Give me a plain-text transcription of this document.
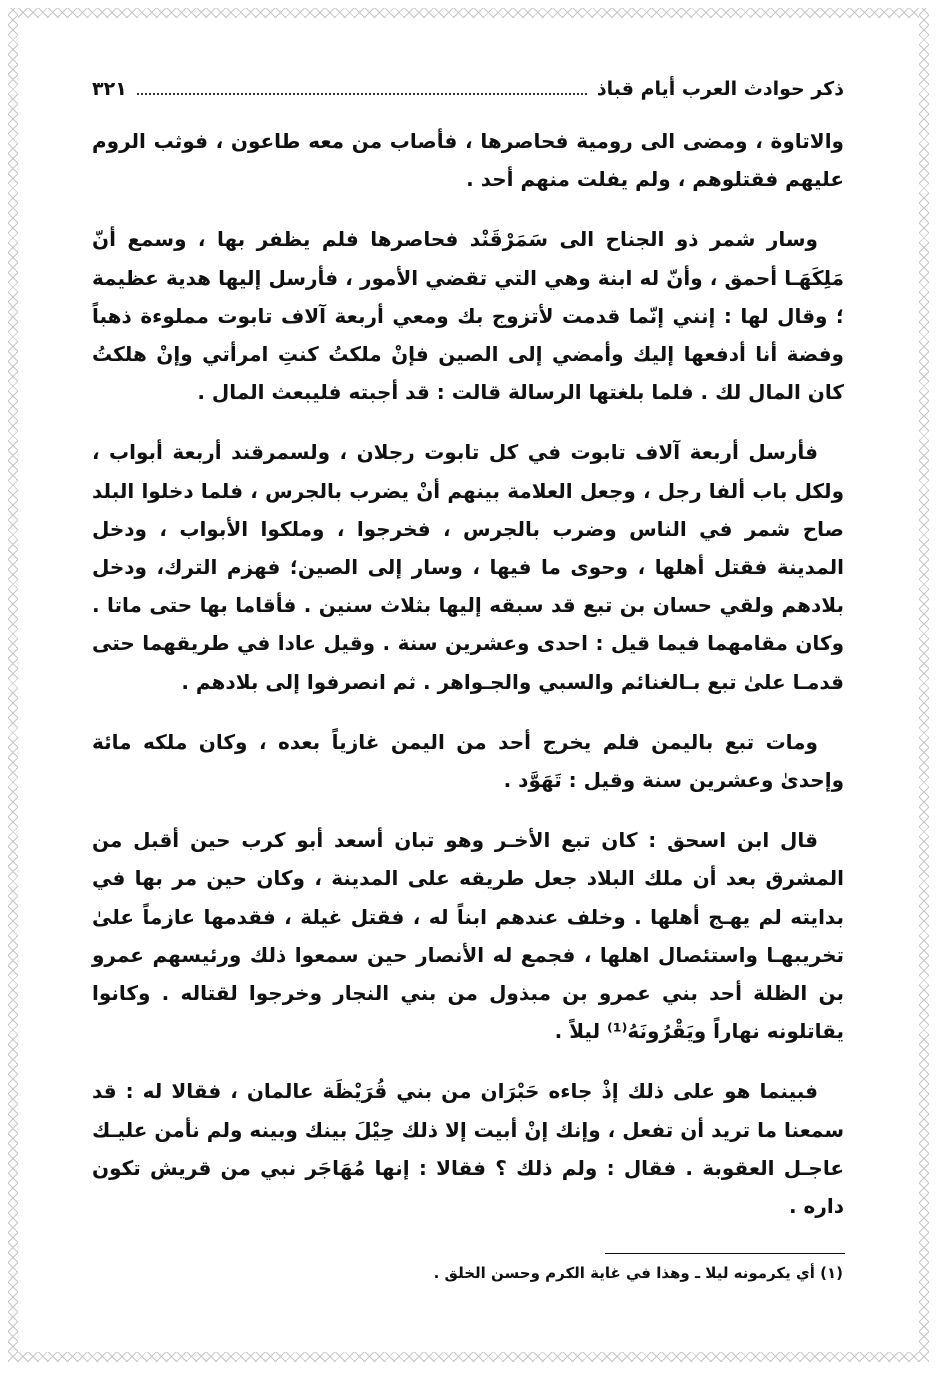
ذكر حوادث العرب أيام قباذ
٣٢١

والاتاوة ، ومضى الى رومية فحاصرها ، فأصاب من معه طاعون ، فوثب الروم عليهم فقتلوهم ، ولم يفلت منهم أحد .

وسار شمر ذو الجناح الى سَمَرْقَنْد فحاصرها فلم يظفر بها ، وسمع أنّ مَلِكَهَـا أحمق ، وأنّ له ابنة وهي التي تقضي الأمور ، فأرسل إليها هدية عظيمة ؛ وقال لها : إنني إنّما قدمت لأتزوج بك ومعي أربعة آلاف تابوت مملوءة ذهباً وفضة أنا أدفعها إليك وأمضي إلى الصين فإنْ ملكتُ كنتِ امرأتي وإنْ هلكتُ كان المال لك . فلما بلغتها الرسالة قالت : قد أجبته فليبعث المال .

فأرسل أربعة آلاف تابوت في كل تابوت رجلان ، ولسمرقند أربعة أبواب ، ولكل باب ألفا رجل ، وجعل العلامة بينهم أنْ يضرب بالجرس ، فلما دخلوا البلد صاح شمر في الناس وضرب بالجرس ، فخرجوا ، وملكوا الأبواب ، ودخل المدينة فقتل أهلها ، وحوى ما فيها ، وسار إلى الصين؛ فهزم الترك، ودخل بلادهم ولقي حسان بن تبع قد سبقه إليها بثلاث سنين . فأقاما بها حتى ماتا . وكان مقامهما فيما قيل : احدى وعشرين سنة . وقيل عادا في طريقهما حتى قدمـا علىٰ تبع بـالغنائم والسبي والجـواهر . ثم انصرفوا إلى بلادهم .

ومات تبع باليمن فلم يخرج أحد من اليمن غازياً بعده ، وكان ملكه مائة وإحدىٰ وعشرين سنة وقيل : تَهَوَّد .

قال ابن اسحق : كان تبع الأخـر وهو تبان أسعد أبو كرب حين أقبل من المشرق بعد أن ملك البلاد جعل طريقه على المدينة ، وكان حين مر بها في بدايته لم يهـج أهلها . وخلف عندهم ابناً له ، فقتل غيلة ، فقدمها عازماً علىٰ تخريبهـا واستئصال اهلها ، فجمع له الأنصار حين سمعوا ذلك ورئيسهم عمرو بن الظلة أحد بني عمرو بن مبذول من بني النجار وخرجوا لقتاله . وكانوا يقاتلونه نهاراً ويَقْرُونَهُ⁽¹⁾ ليلاً .

فبينما هو على ذلك إذْ جاءه حَبْرَان من بني قُرَيْظَة عالمان ، فقالا له : قد سمعنا ما تريد أن تفعل ، وإنك إنْ أبيت إلا ذلك حِيْلَ بينك وبينه ولم نأمن عليـك عاجـل العقوبة . فقال : ولم ذلك ؟ فقالا : إنها مُهَاجَر نبي من قريش تكون داره .

(١) أي يكرمونه ليلا ـ وهذا في غاية الكرم وحسن الخلق .
